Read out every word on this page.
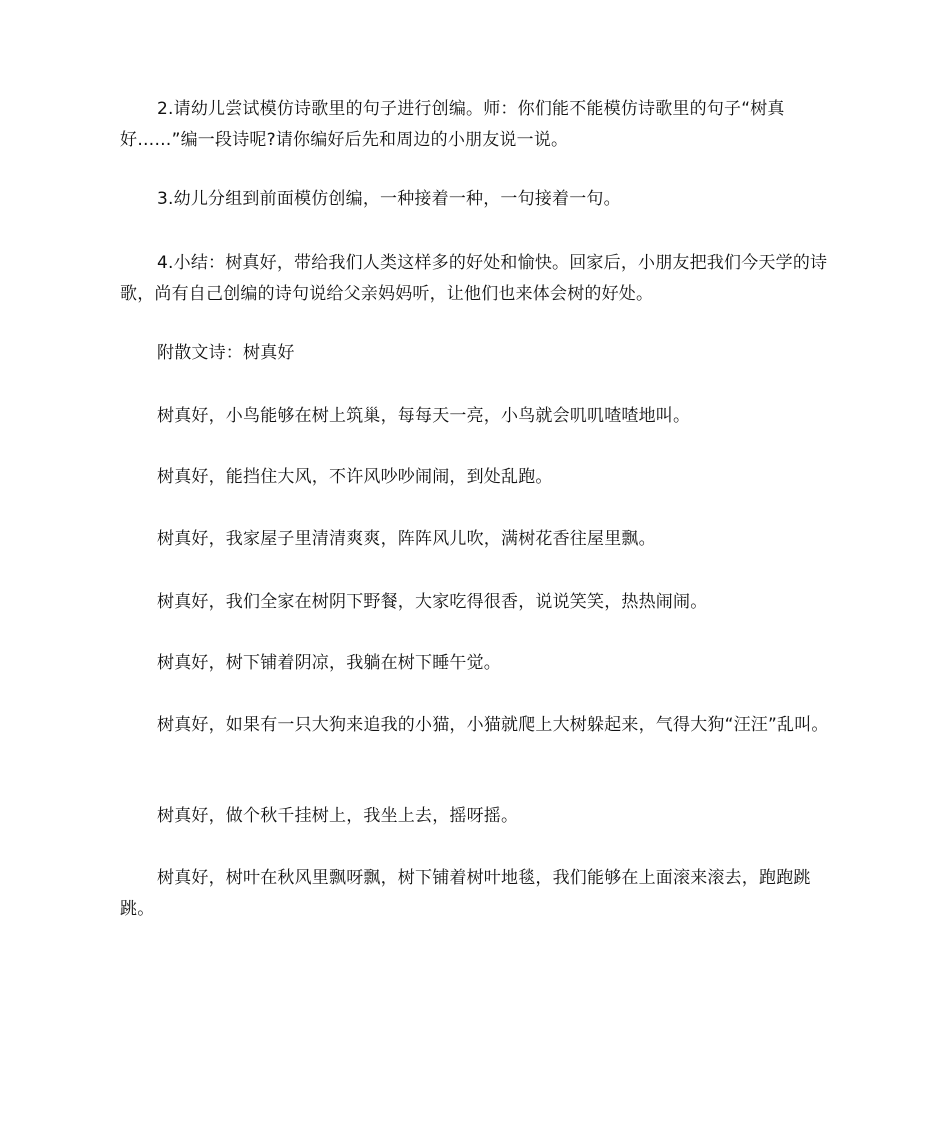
2.请幼儿尝试模仿诗歌里的句子进行创编。师：你们能不能模仿诗歌里的句子“树真好……”编一段诗呢?请你编好后先和周边的小朋友说一说。

3.幼儿分组到前面模仿创编，一种接着一种，一句接着一句。

4.小结：树真好，带给我们人类这样多的好处和愉快。回家后，小朋友把我们今天学的诗歌，尚有自己创编的诗句说给父亲妈妈听，让他们也来体会树的好处。

附散文诗：树真好

树真好，小鸟能够在树上筑巢，每每天一亮，小鸟就会叽叽喳喳地叫。

树真好，能挡住大风，不许风吵吵闹闹，到处乱跑。

树真好，我家屋子里清清爽爽，阵阵风儿吹，满树花香往屋里飘。

树真好，我们全家在树阴下野餐，大家吃得很香，说说笑笑，热热闹闹。

树真好，树下铺着阴凉，我躺在树下睡午觉。

树真好，如果有一只大狗来追我的小猫，小猫就爬上大树躲起来，气得大狗“汪汪”乱叫。

树真好，做个秋千挂树上，我坐上去，摇呀摇。

树真好，树叶在秋风里飘呀飘，树下铺着树叶地毯，我们能够在上面滚来滚去，跑跑跳跳。
